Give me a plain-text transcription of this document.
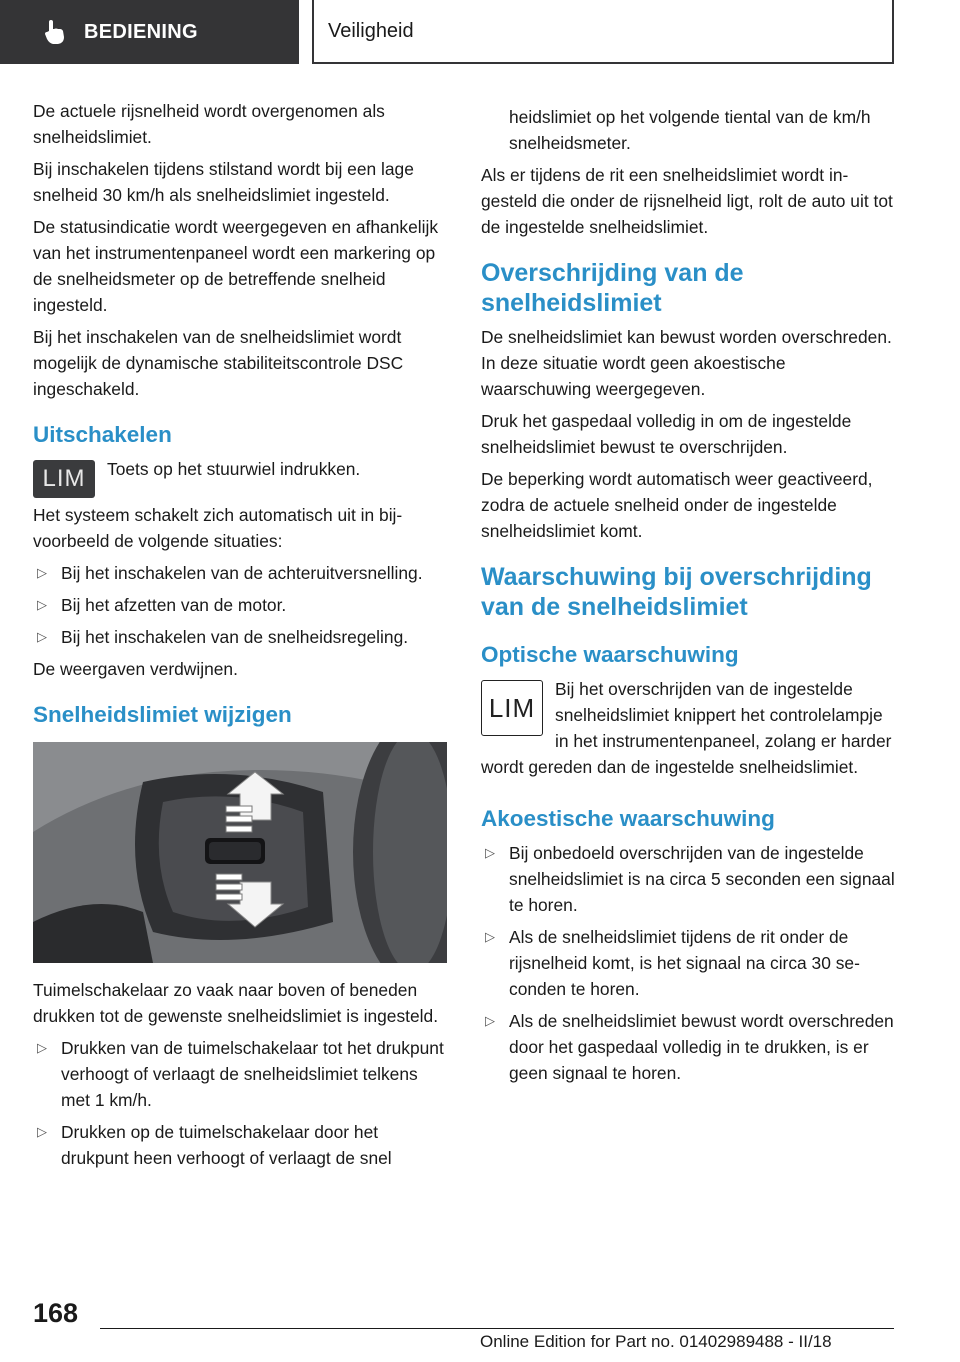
BEDIENING	Veiligheid

De actuele rijsnelheid wordt overgenomen als snelheidslimiet.

Bij inschakelen tijdens stilstand wordt bij een lage snelheid 30 km/h als snelheidslimiet ingesteld.

De statusindicatie wordt weergegeven en afhankelijk van het instrumentenpaneel wordt een markering op de snelheidsmeter op de betreffende snelheid ingesteld.

Bij het inschakelen van de snelheidslimiet wordt mogelijk de dynamische stabiliteitscontrole DSC ingeschakeld.

Uitschakelen
LIM	Toets op het stuurwiel indrukken.

Het systeem schakelt zich automatisch uit in bijvoorbeeld de volgende situaties:

▷ Bij het inschakelen van de achteruitversnelling.
▷ Bij het afzetten van de motor.
▷ Bij het inschakelen van de snelheidsregeling.

De weergaven verdwijnen.

Snelheidslimiet wijzigen

Tuimelschakelaar zo vaak naar boven of beneden drukken tot de gewenste snelheidslimiet is ingesteld.

▷ Drukken van de tuimelschakelaar tot het drukpunt verhoogt of verlaagt de snelheidslimiet telkens met 1 km/h.
▷ Drukken op de tuimelschakelaar door het drukpunt heen verhoogt of verlaagt de snel
heidslimiet op het volgende tiental van de km/h snelheidsmeter.

Als er tijdens de rit een snelheidslimiet wordt ingesteld die onder de rijsnelheid ligt, rolt de auto uit tot de ingestelde snelheidslimiet.

Overschrijding van de snelheidslimiet

De snelheidslimiet kan bewust worden overschreden. In deze situatie wordt geen akoestische waarschuwing weergegeven.

Druk het gaspedaal volledig in om de ingestelde snelheidslimiet bewust te overschrijden.

De beperking wordt automatisch weer geactiveerd, zodra de actuele snelheid onder de ingestelde snelheidslimiet komt.

Waarschuwing bij overschrijding van de snelheidslimiet
Optische waarschuwing
LIM

Bij het overschrijden van de ingestelde snelheidslimiet knippert het controlelampje in het instrumentenpaneel, zolang er harder wordt gereden dan de ingestelde snelheidslimiet.

Akoestische waarschuwing
▷ Bij onbedoeld overschrijden van de ingestelde snelheidslimiet is na circa 5 seconden een signaal te horen.
▷ Als de snelheidslimiet tijdens de rit onder de rijsnelheid komt, is het signaal na circa 30 seconden te horen.
▷ Als de snelheidslimiet bewust wordt overschreden door het gaspedaal volledig in te drukken, is er geen signaal te horen.
168
Online Edition for Part no. 01402989488 - II/18
